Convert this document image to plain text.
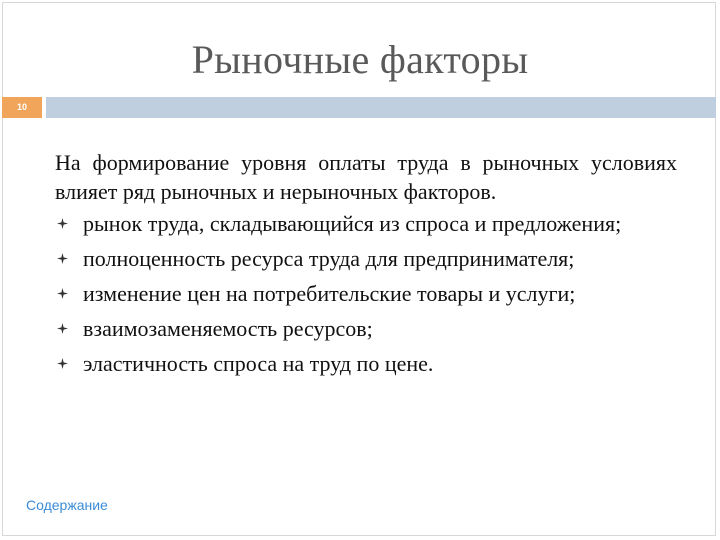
Рыночные факторы
10

На формирование уровня оплаты труда в рыночных условиях влияет ряд рыночных и нерыночных факторов.

рынок труда, складывающийся из спроса и предложения;
полноценность ресурса труда для предпринимателя;
изменение цен на потребительские товары и услуги;
взаимозаменяемость ресурсов;
эластичность спроса на труд по цене.
Содержание
